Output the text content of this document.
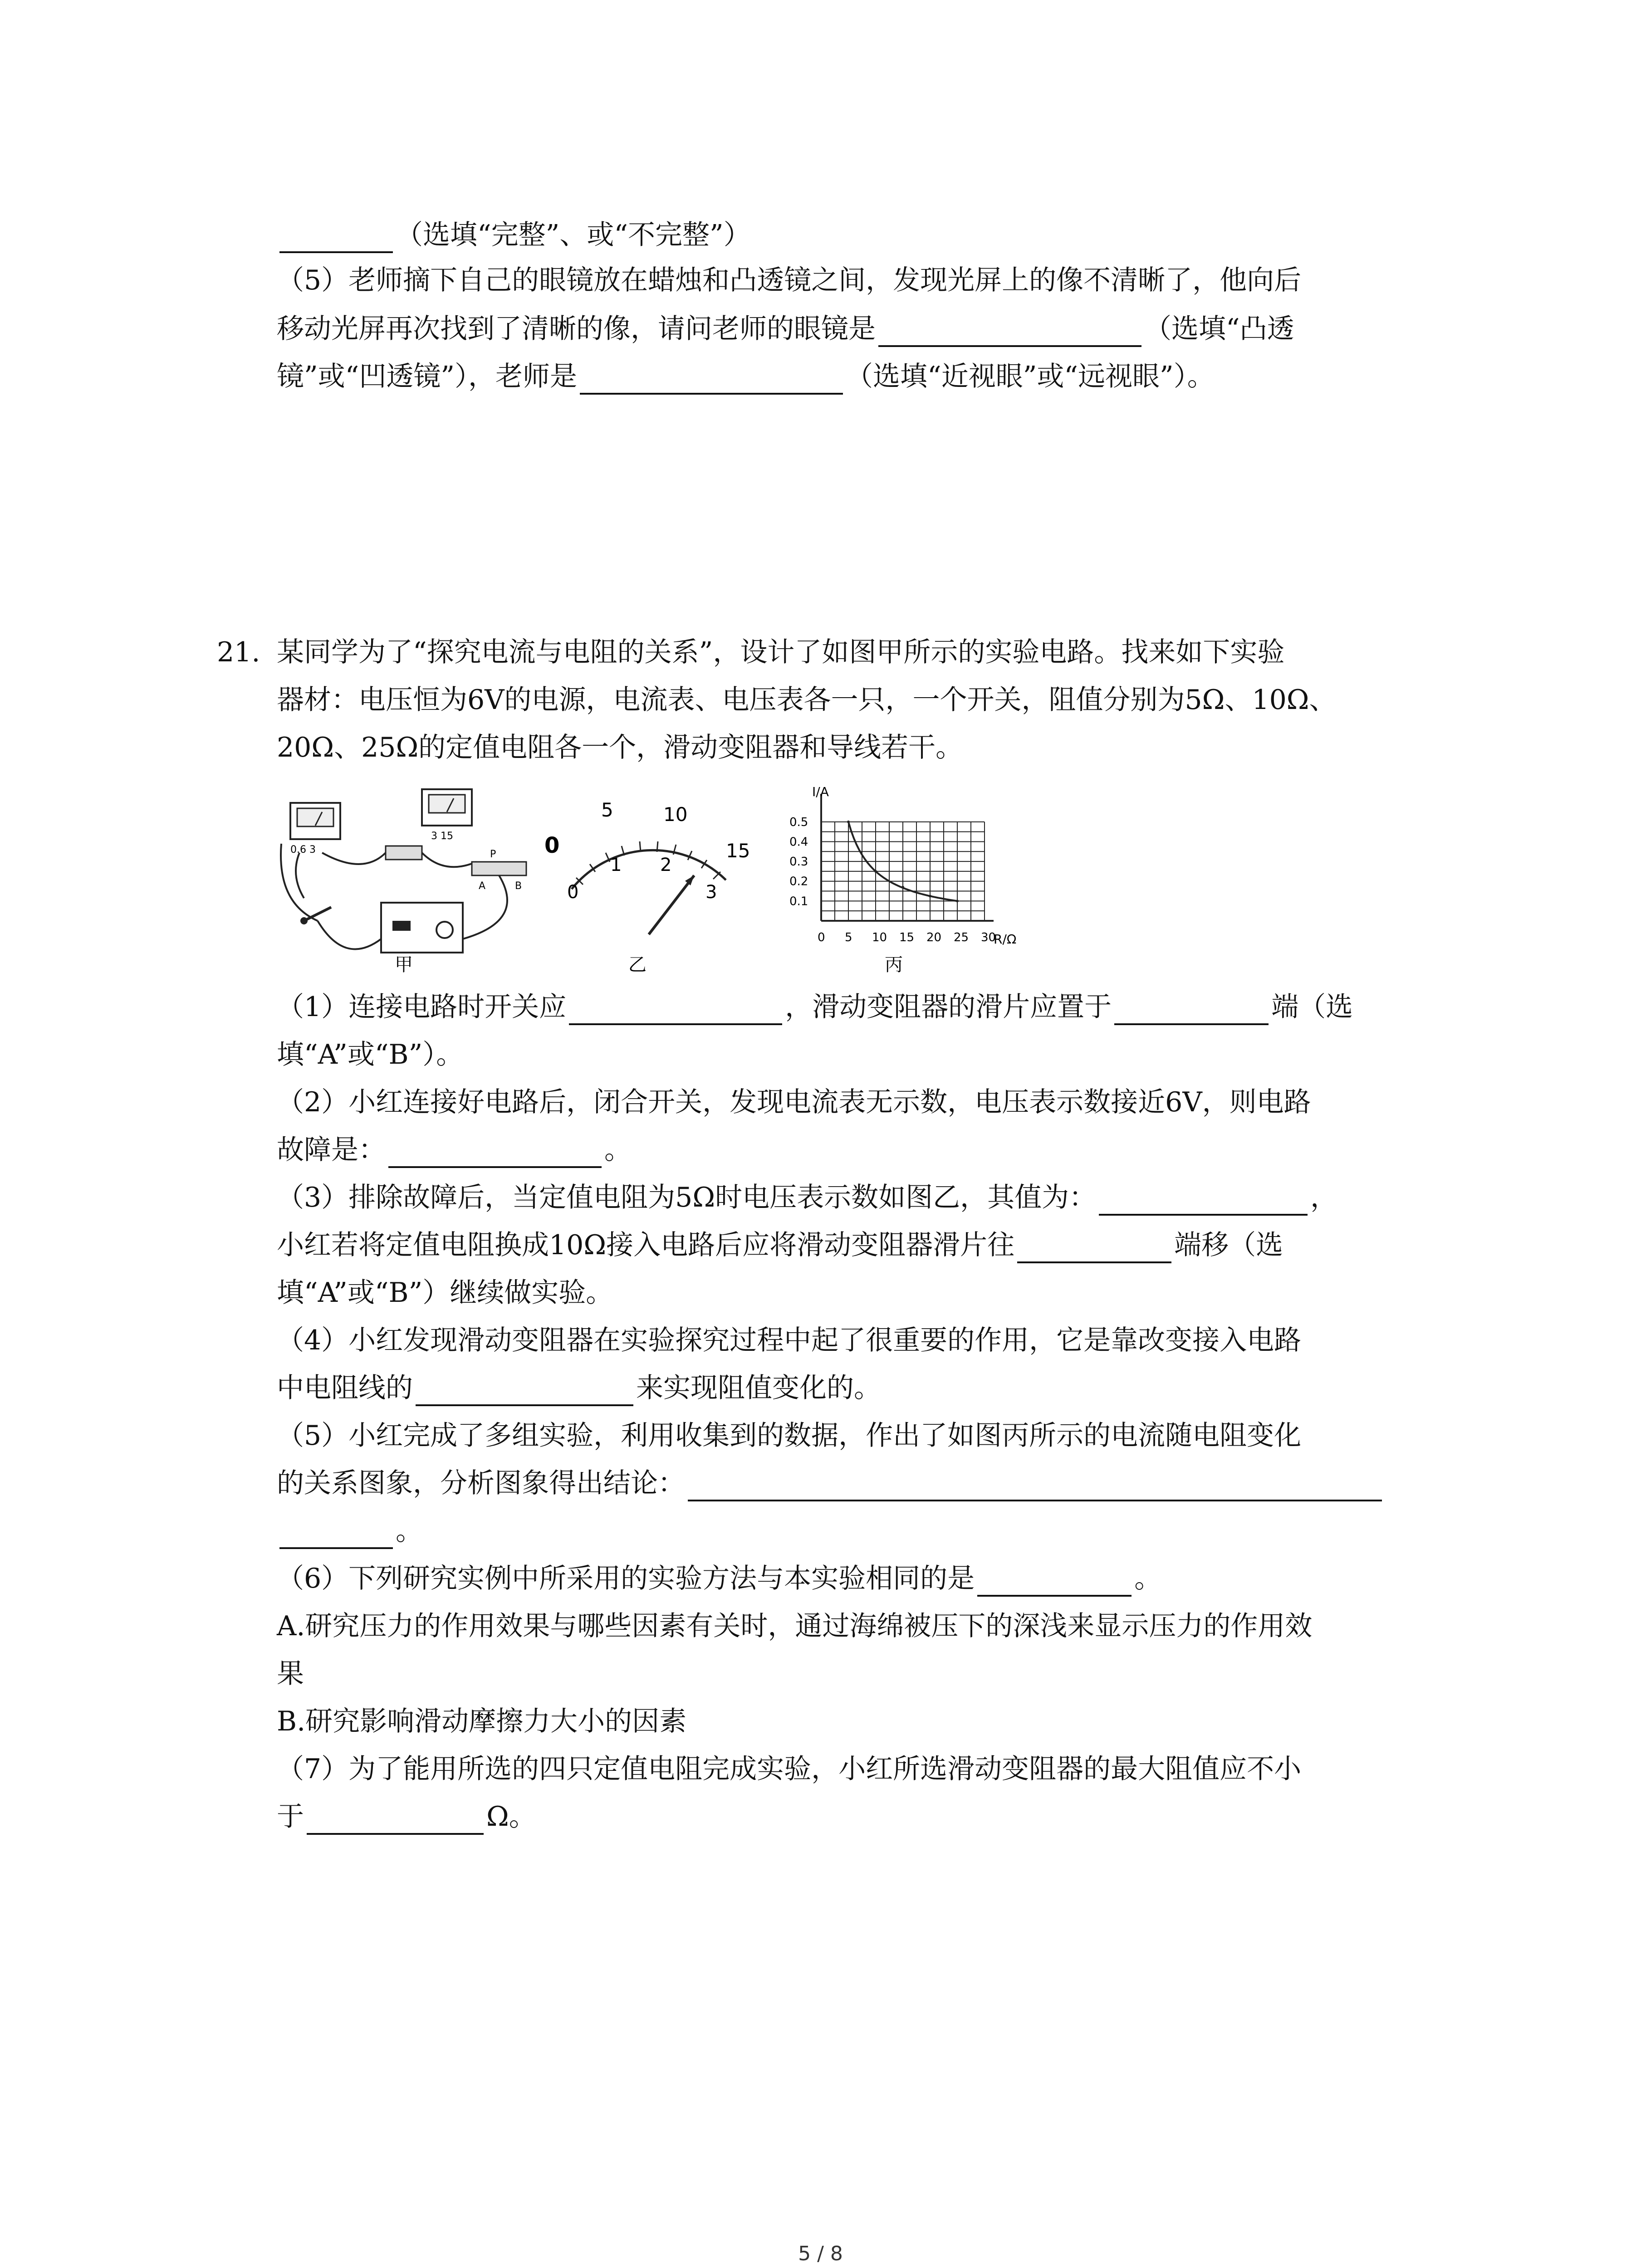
（选填“完整”、或“不完整”）
（5）老师摘下自己的眼镜放在蜡烛和凸透镜之间，发现光屏上的像不清晰了，他向后
移动光屏再次找到了清晰的像，请问老师的眼镜是	（选填“凸透
镜”或“凹透镜”），老师是	（选填“近视眼”或“远视眼”）。
21. 某同学为了“探究电流与电阻的关系”，设计了如图甲所示的实验电路。找来如下实验
器材：电压恒为6V的电源，电流表、电压表各一只，一个开关，阻值分别为5Ω、10Ω、
20Ω、25Ω的定值电阻各一个，滑动变阻器和导线若干。
0.6 3
3 15
P
A	B
甲
0
5	10
15
0
1 2
3
乙
0 5 10 15 20 25 30
0.1
0.2
0.3
0.4
0.5
I/A
R/Ω
丙
（1）连接电路时开关应	，滑动变阻器的滑片应置于	端（选
填“A”或“B”）。
（2）小红连接好电路后，闭合开关，发现电流表无示数，电压表示数接近6V，则电路
故障是：	。
（3）排除故障后，当定值电阻为5Ω时电压表示数如图乙，其值为：	，
小红若将定值电阻换成10Ω接入电路后应将滑动变阻器滑片往	端移（选
填“A”或“B”）继续做实验。
（4）小红发现滑动变阻器在实验探究过程中起了很重要的作用，它是靠改变接入电路
中电阻线的	来实现阻值变化的。
（5）小红完成了多组实验，利用收集到的数据，作出了如图丙所示的电流随电阻变化
的关系图象，分析图象得出结论：
。
（6）下列研究实例中所采用的实验方法与本实验相同的是	。
A.研究压力的作用效果与哪些因素有关时，通过海绵被压下的深浅来显示压力的作用效
果
B.研究影响滑动摩擦力大小的因素
（7）为了能用所选的四只定值电阻完成实验，小红所选滑动变阻器的最大阻值应不小
于	Ω。
5 / 8
